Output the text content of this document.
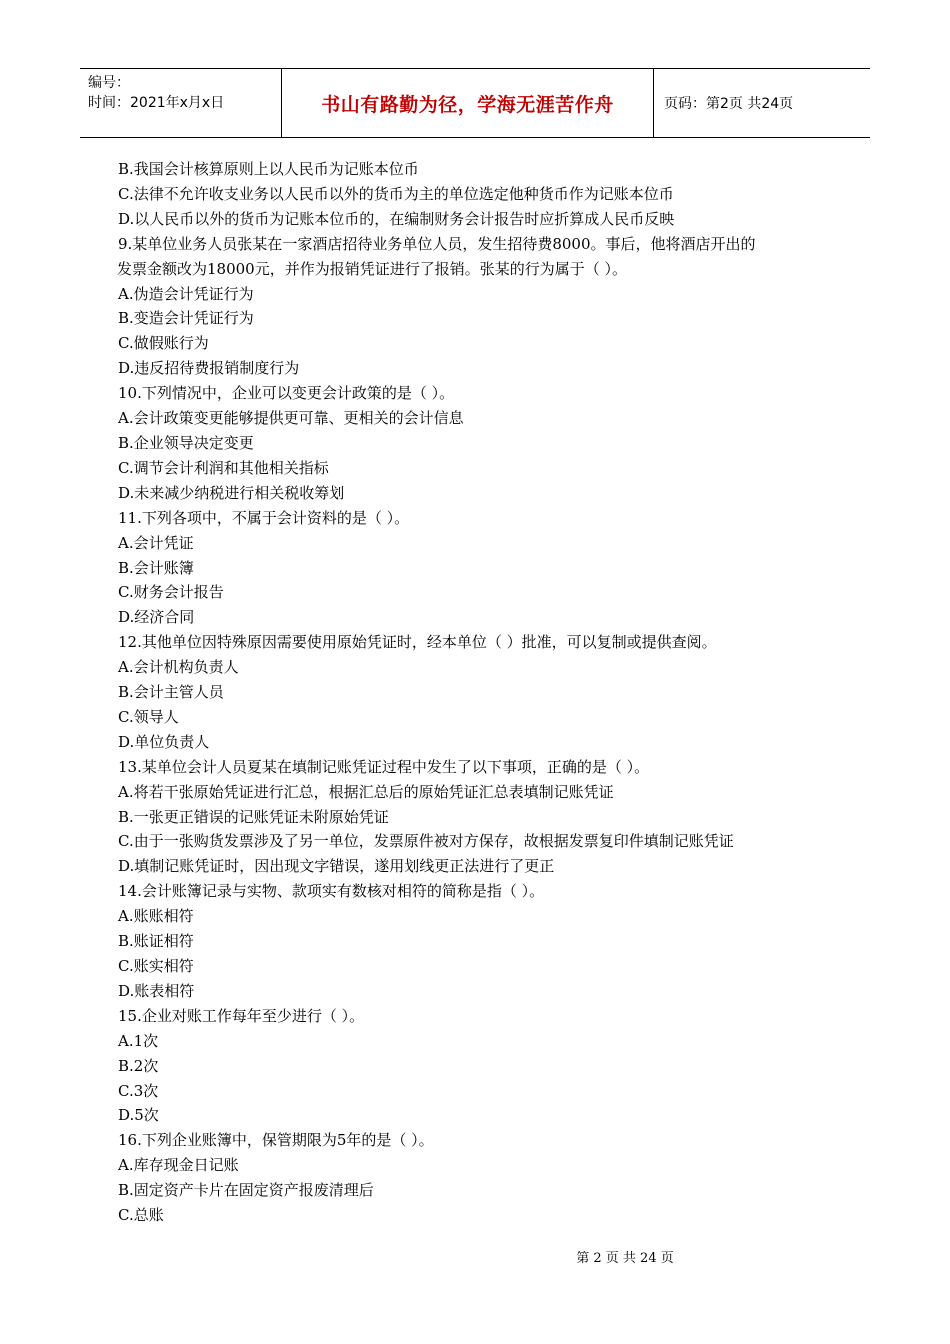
编号：
时间：2021年x月x日	书山有路勤为径，学海无涯苦作舟	页码：第2页 共24页
B.我国会计核算原则上以人民币为记账本位币
C.法律不允许收支业务以人民币以外的货币为主的单位选定他种货币作为记账本位币
D.以人民币以外的货币为记账本位币的，在编制财务会计报告时应折算成人民币反映
9.某单位业务人员张某在一家酒店招待业务单位人员，发生招待费8000。事后，他将酒店开出的
发票金额改为18000元，并作为报销凭证进行了报销。张某的行为属于（ ）。
A.伪造会计凭证行为
B.变造会计凭证行为
C.做假账行为
D.违反招待费报销制度行为
10.下列情况中，企业可以变更会计政策的是（ ）。
A.会计政策变更能够提供更可靠、更相关的会计信息
B.企业领导决定变更
C.调节会计利润和其他相关指标
D.未来减少纳税进行相关税收筹划
11.下列各项中，不属于会计资料的是（ ）。
A.会计凭证
B.会计账簿
C.财务会计报告
D.经济合同
12.其他单位因特殊原因需要使用原始凭证时，经本单位（ ）批准，可以复制或提供查阅。
A.会计机构负责人
B.会计主管人员
C.领导人
D.单位负责人
13.某单位会计人员夏某在填制记账凭证过程中发生了以下事项，正确的是（ ）。
A.将若干张原始凭证进行汇总，根据汇总后的原始凭证汇总表填制记账凭证
B.一张更正错误的记账凭证未附原始凭证
C.由于一张购货发票涉及了另一单位，发票原件被对方保存，故根据发票复印件填制记账凭证
D.填制记账凭证时，因出现文字错误，遂用划线更正法进行了更正
14.会计账簿记录与实物、款项实有数核对相符的简称是指（ ）。
A.账账相符
B.账证相符
C.账实相符
D.账表相符
15.企业对账工作每年至少进行（ ）。
A.1次
B.2次
C.3次
D.5次
16.下列企业账簿中，保管期限为5年的是（ ）。
A.库存现金日记账
B.固定资产卡片在固定资产报废清理后
C.总账
第 2 页 共 24 页
